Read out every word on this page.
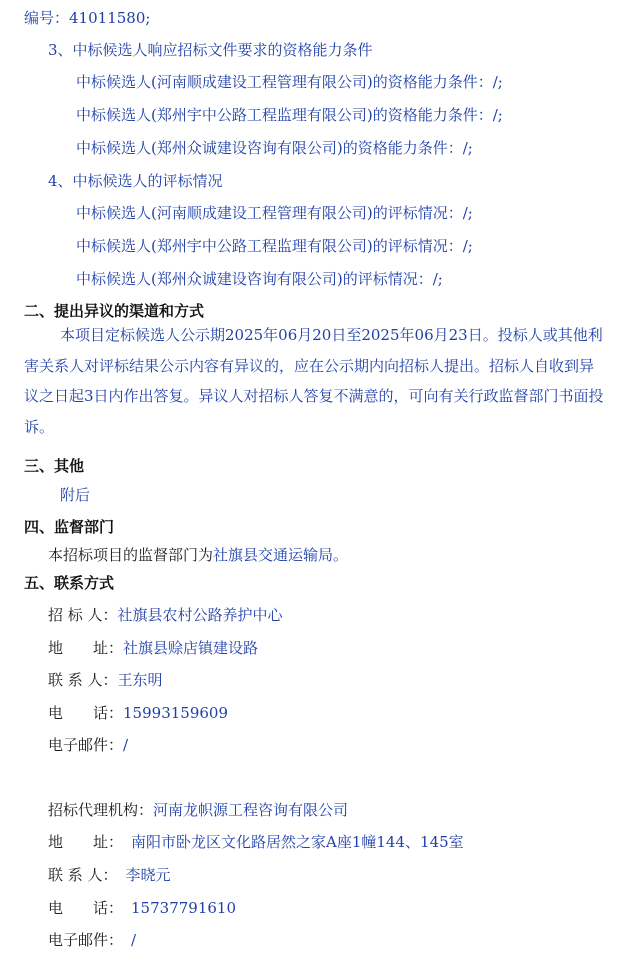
编号：41011580;
3、中标候选人响应招标文件要求的资格能力条件
中标候选人(河南顺成建设工程管理有限公司)的资格能力条件：/;
中标候选人(郑州宇中公路工程监理有限公司)的资格能力条件：/;
中标候选人(郑州众诚建设咨询有限公司)的资格能力条件：/;
4、中标候选人的评标情况
中标候选人(河南顺成建设工程管理有限公司)的评标情况：/;
中标候选人(郑州宇中公路工程监理有限公司)的评标情况：/;
中标候选人(郑州众诚建设咨询有限公司)的评标情况：/;
二、提出异议的渠道和方式
本项目定标候选人公示期2025年06月20日至2025年06月23日。投标人或其他利害关系人对评标结果公示内容有异议的，应在公示期内向招标人提出。招标人自收到异议之日起3日内作出答复。异议人对招标人答复不满意的，可向有关行政监督部门书面投诉。
三、其他
附后
四、监督部门
本招标项目的监督部门为社旗县交通运输局。
五、联系方式
招 标 人：社旗县农村公路养护中心
地　　址：社旗县赊店镇建设路
联 系 人：王东明
电　　话：15993159609
电子邮件：/
招标代理机构：河南龙帜源工程咨询有限公司
地　　址： 南阳市卧龙区文化路居然之家A座1幢144、145室
联 系 人： 李晓元
电　　话： 15737791610
电子邮件： /
